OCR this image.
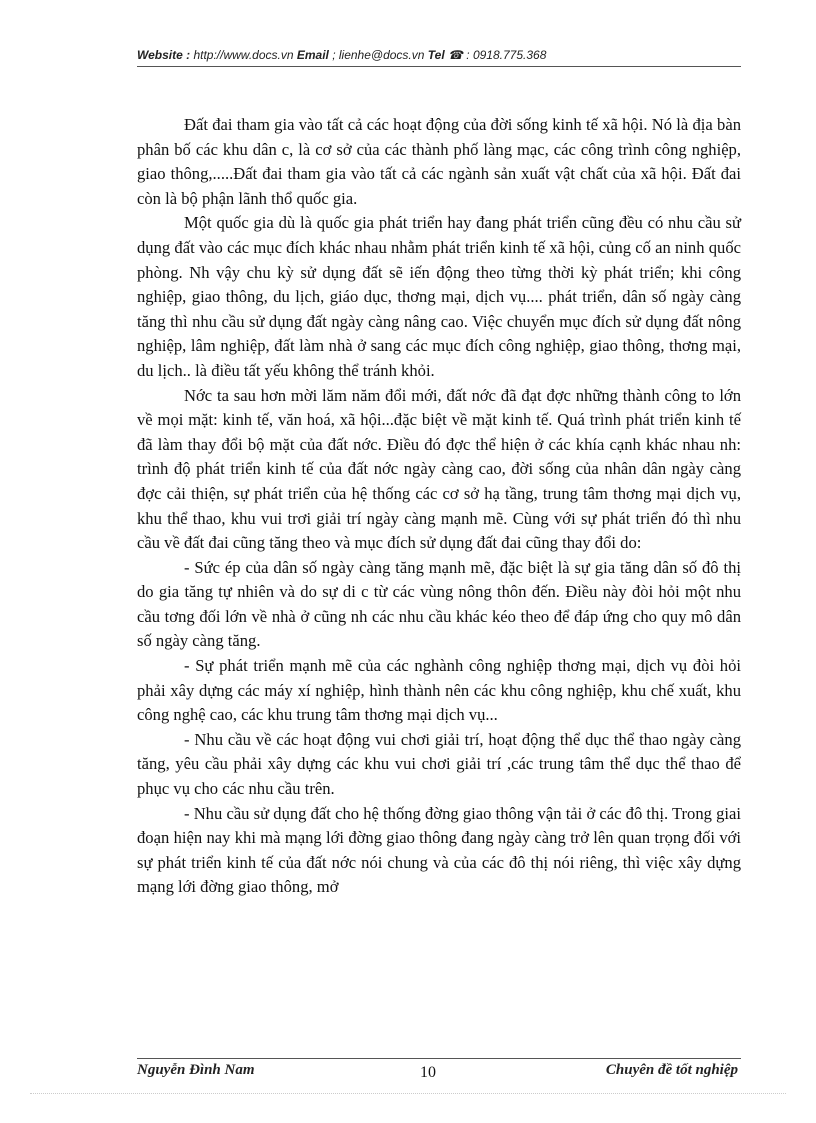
Website : http://www.docs.vn Email ; lienhe@docs.vn Tel ☎ : 0918.775.368

Đất đai tham gia vào tất cả các hoạt động của đời sống kinh tế xã hội. Nó là địa bàn phân bố các khu dân c, là cơ sở của các thành phố làng mạc, các công trình công nghiệp, giao thông,.....Đất đai tham gia vào tất cả các ngành sản xuất vật chất của xã hội. Đất đai còn là bộ phận lãnh thổ quốc gia.

Một quốc gia dù là quốc gia phát triển hay đang phát triển cũng đều có nhu cầu sử dụng đất vào các mục đích khác nhau nhằm phát triển kinh tế xã hội, củng cố an ninh quốc phòng. Nh vậy chu kỳ sử dụng đất sẽ iến động theo từng thời kỳ phát triển; khi công nghiệp, giao thông, du lịch, giáo dục, thơng mại, dịch vụ.... phát triển, dân số ngày càng tăng thì nhu cầu sử dụng đất ngày càng nâng cao. Việc chuyển mục đích sử dụng đất nông nghiệp, lâm nghiệp, đất làm nhà ở sang các mục đích công nghiệp, giao thông, thơng mại, du lịch.. là điều tất yếu không thể tránh khỏi.

Nớc ta sau hơn mời lăm năm đổi mới, đất nớc đã đạt đợc những thành công to lớn về mọi mặt: kinh tế, văn hoá, xã hội...đặc biệt về mặt kinh tế. Quá trình phát triển kinh tế đã làm thay đổi bộ mặt của đất nớc. Điều đó đợc thể hiện ở các khía cạnh khác nhau nh: trình độ phát triển kinh tế của đất nớc ngày càng cao, đời sống của nhân dân ngày càng đợc cải thiện, sự phát triển của hệ thống các cơ sở hạ tầng, trung tâm thơng mại dịch vụ, khu thể thao, khu vui trơi giải trí ngày càng mạnh mẽ. Cùng với sự phát triển đó thì nhu cầu về đất đai cũng tăng theo và mục đích sử dụng đất đai cũng thay đổi do:

- Sức ép của dân số ngày càng tăng mạnh mẽ, đặc biệt là sự gia tăng dân số đô thị do gia tăng tự nhiên và do sự di c từ các vùng nông thôn đến. Điều này đòi hỏi một nhu cầu tơng đối lớn về nhà ở cũng nh các nhu cầu khác kéo theo để đáp ứng cho quy mô dân số ngày càng tăng.

- Sự phát triển mạnh mẽ của các nghành công nghiệp thơng mại, dịch vụ đòi hỏi phải xây dựng các máy xí nghiệp, hình thành nên các khu công nghiệp, khu chế xuất, khu công nghệ cao, các khu trung tâm thơng mại dịch vụ...

- Nhu cầu về các hoạt động vui chơi giải trí, hoạt động thể dục thể thao ngày càng tăng, yêu cầu phải xây dựng các khu vui chơi giải trí ,các trung tâm thể dục thể thao để phục vụ cho các nhu cầu trên.

- Nhu cầu sử dụng đất cho hệ thống đờng giao thông vận tải ở các đô thị. Trong giai đoạn hiện nay khi mà mạng lới đờng giao thông đang ngày càng trở lên quan trọng đối với sự phát triển kinh tế của đất nớc nói chung và của các đô thị nói riêng, thì việc xây dựng mạng lới đờng giao thông, mở

Nguyễn Đình Nam	10	Chuyên đề tốt nghiệp
